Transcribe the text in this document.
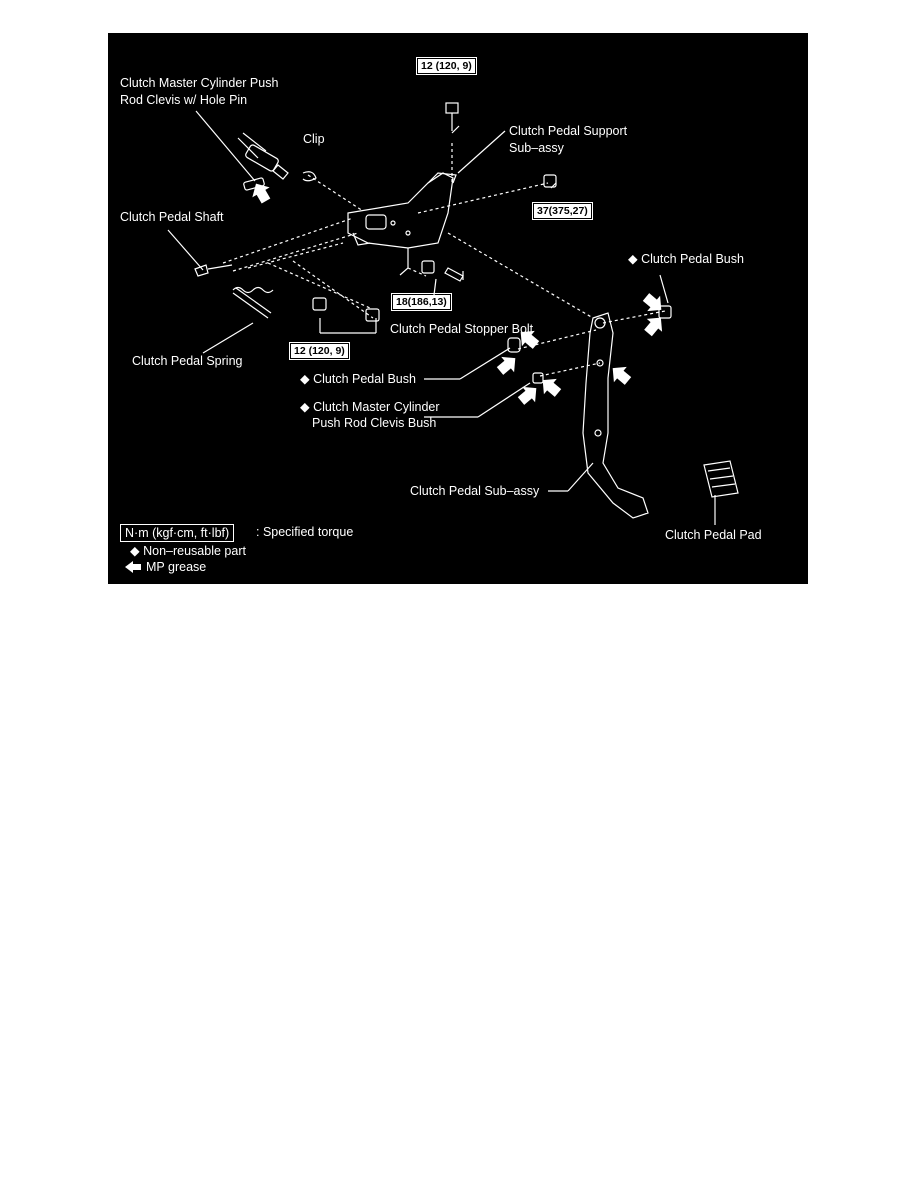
Clutch Master Cylinder Push
Rod Clevis w/ Hole Pin
Clip
Clutch Pedal Support
Sub–assy
Clutch Pedal Shaft
◆ Clutch Pedal Bush
Clutch Pedal Stopper Bolt
Clutch Pedal Spring
◆ Clutch Pedal Bush
◆ Clutch Master Cylinder
Push Rod Clevis Bush
Clutch Pedal Sub–assy
Clutch Pedal Pad
12 (120, 9)
37(375,27)
18(186,13)
12 (120, 9)
N·m (kgf·cm, ft·lbf)	: Specified torque
◆ Non–reusable part
MP grease
